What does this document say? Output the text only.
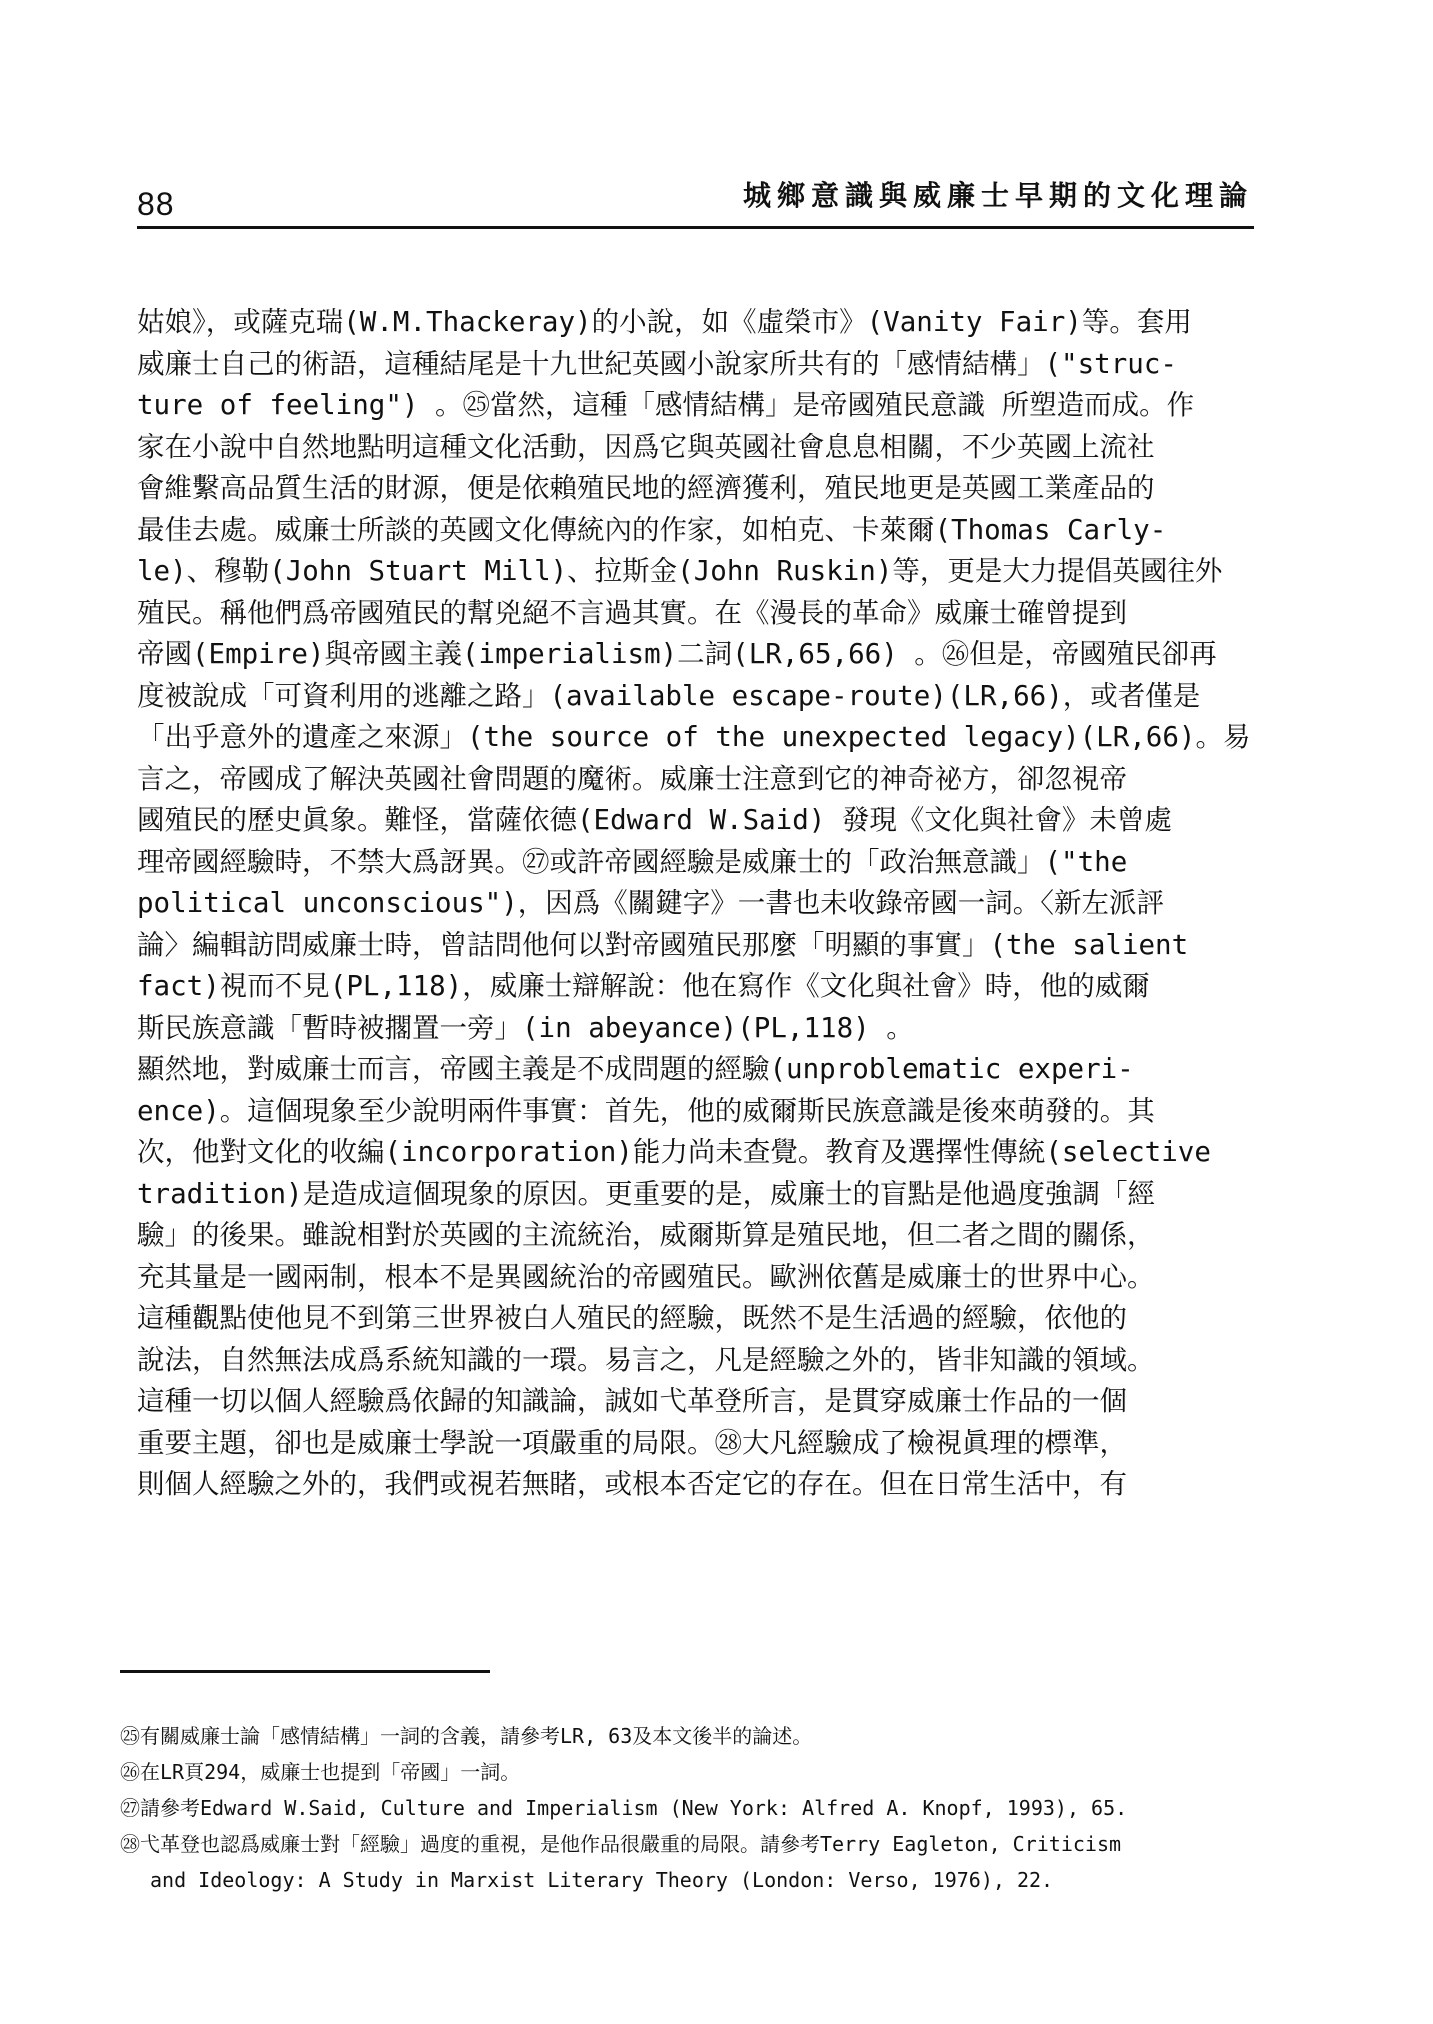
88	城鄉意識與威廉士早期的文化理論
姑娘》，或薩克瑞(W.M.Thackeray)的小說，如《虛榮市》(Vanity Fair)等。套用
威廉士自己的術語，這種結尾是十九世紀英國小說家所共有的「感情結構」("struc-
ture of feeling") 。㉕當然，這種「感情結構」是帝國殖民意識 所塑造而成。作
家在小說中自然地點明這種文化活動，因爲它與英國社會息息相關，不少英國上流社
會維繫高品質生活的財源，便是依賴殖民地的經濟獲利，殖民地更是英國工業產品的
最佳去處。威廉士所談的英國文化傳統內的作家，如柏克、卡萊爾(Thomas Carly-
le)、穆勒(John Stuart Mill)、拉斯金(John Ruskin)等，更是大力提倡英國往外
殖民。稱他們爲帝國殖民的幫兇絕不言過其實。在《漫長的革命》威廉士確曾提到
帝國(Empire)與帝國主義(imperialism)二詞(LR,65,66) 。㉖但是，帝國殖民卻再
度被說成「可資利用的逃離之路」(available escape-route)(LR,66)，或者僅是
「出乎意外的遺產之來源」(the source of the unexpected legacy)(LR,66)。易
言之，帝國成了解決英國社會問題的魔術。威廉士注意到它的神奇祕方，卻忽視帝
國殖民的歷史眞象。難怪，當薩依德(Edward W.Said) 發現《文化與社會》未曾處
理帝國經驗時，不禁大爲訝異。㉗或許帝國經驗是威廉士的「政治無意識」("the
political unconscious")，因爲《關鍵字》一書也未收錄帝國一詞。〈新左派評
論〉編輯訪問威廉士時，曾詰問他何以對帝國殖民那麼「明顯的事實」(the salient
fact)視而不見(PL,118)，威廉士辯解說：他在寫作《文化與社會》時，他的威爾
斯民族意識「暫時被擱置一旁」(in abeyance)(PL,118) 。
顯然地，對威廉士而言，帝國主義是不成問題的經驗(unproblematic experi-
ence)。這個現象至少說明兩件事實：首先，他的威爾斯民族意識是後來萌發的。其
次，他對文化的收編(incorporation)能力尚未查覺。教育及選擇性傳統(selective
tradition)是造成這個現象的原因。更重要的是，威廉士的盲點是他過度強調「經
驗」的後果。雖說相對於英國的主流統治，威爾斯算是殖民地，但二者之間的關係，
充其量是一國兩制，根本不是異國統治的帝國殖民。歐洲依舊是威廉士的世界中心。
這種觀點使他見不到第三世界被白人殖民的經驗，既然不是生活過的經驗，依他的
說法，自然無法成爲系統知識的一環。易言之，凡是經驗之外的，皆非知識的領域。
這種一切以個人經驗爲依歸的知識論，誠如弋革登所言，是貫穿威廉士作品的一個
重要主題，卻也是威廉士學說一項嚴重的局限。㉘大凡經驗成了檢視眞理的標準，
則個人經驗之外的，我們或視若無睹，或根本否定它的存在。但在日常生活中，有
㉕有關威廉士論「感情結構」一詞的含義，請參考LR, 63及本文後半的論述。
㉖在LR頁294，威廉士也提到「帝國」一詞。
㉗請參考Edward W.Said, Culture and Imperialism (New York: Alfred A. Knopf, 1993), 65.
㉘弋革登也認爲威廉士對「經驗」過度的重視，是他作品很嚴重的局限。請參考Terry Eagleton, Criticism
and Ideology: A Study in Marxist Literary Theory (London: Verso, 1976), 22.
